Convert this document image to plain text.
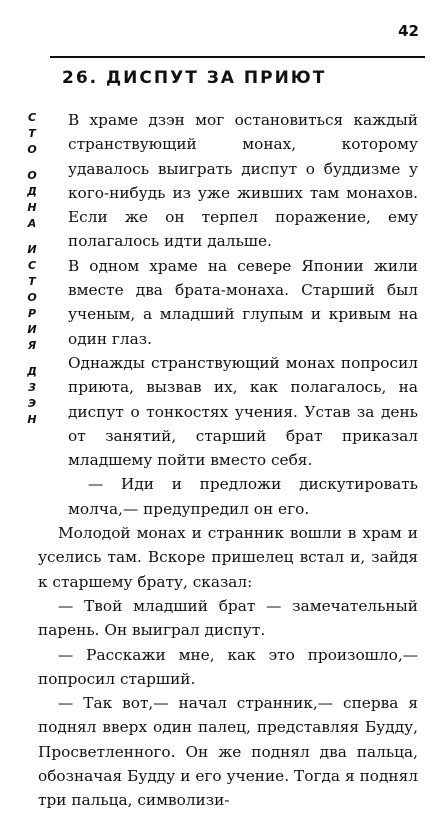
42
26. ДИСПУТ ЗА ПРИЮТ
С
Т
О
О
Д
Н
А
И
С
Т
О
Р
И
Я
Д
З
Э
Н

В храме дзэн мог остановиться каждый странствующий монах, которому удавалось выиграть диспут о буддизме у кого-нибудь из уже живших там монахов. Если же он терпел поражение, ему полагалось идти дальше.

В одном храме на севере Японии жили вместе два брата-монаха. Старший был ученым, а младший глупым и кривым на один глаз.

Однажды странствующий монах попросил приюта, вызвав их, как полагалось, на диспут о тонкостях учения. Устав за день от занятий, старший брат приказал младшему пойти вместо себя.

— Иди и предложи дискутировать молча,— предупредил он его.

Молодой монах и странник вошли в храм и уселись там. Вскоре пришелец встал и, зайдя к старшему брату, сказал:

— Твой младший брат — замечательный парень. Он выиграл диспут.

— Расскажи мне, как это произошло,— попросил старший.

— Так вот,— начал странник,— сперва я поднял вверх один палец, представляя Будду, Просветленного. Он же поднял два пальца, обозначая Будду и его учение. Тогда я поднял три пальца, символизи-
